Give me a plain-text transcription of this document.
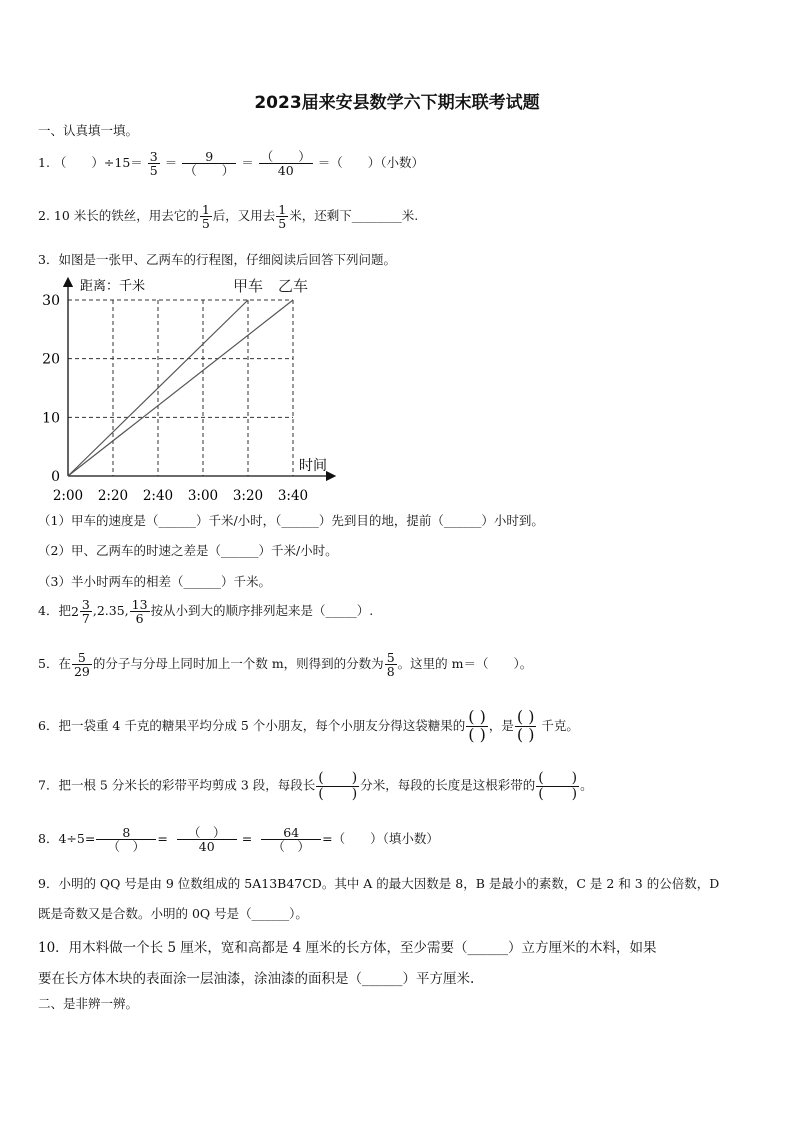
2023届来安县数学六下期末联考试题
一、认真填一填。
1. （　　）$\div 15= \frac{3}{5} = \frac{9}{( )} = \frac{( )}{40}$ ＝（　　）（小数）
2. 10 米长的铁丝，用去它的 $\frac{1}{5}$ 后，又用去 $\frac{1}{5}$ 米，还剩下________米.
3．如图是一张甲、乙两车的行程图，仔细阅读后回答下列问题。
0
10
20
30
2:00 2:20 2:40 3:00 3:20 3:40
甲车 乙车
距离：千米
时间
（1）甲车的速度是（______）千米/小时，（______）先到目的地，提前（______）小时到。
（2）甲、乙两车的时速之差是（______）千米/小时。
（3）半小时两车的相差（______）千米。
4．把$2 \frac{3}{7} ,2.35$, $\frac{13}{6}$ 按从小到大的顺序排列起来是（_____）.
5．在 $\frac{5}{29}$ 的分子与分母上同时加上一个数 m，则得到的分数为 $\frac{5}{8}$ 。这里的 m＝（　　）。
6．把一袋重 4 千克的糖果平均分成 5 个小朋友，每个小朋友分得这袋糖果的 $\frac{( )}{( )}$ ，是 $\frac{( )}{( )}$ 千克。
7．把一根 5 分米长的彩带平均剪成 3 段，每段长 $\frac{( )}{( )}$ 分米，每段的长度是这根彩带的 $\frac{( )}{( )}$ 。
8．$4\div 5= \frac{8}{( )} = \frac{( )}{40} = \frac{64}{( )}$ =（　　）（填小数）
9．小明的 QQ 号是由 9 位数组成的 5A13B47CD。其中 A 的最大因数是 8，B 是最小的素数，C 是 2 和 3 的公倍数，D
既是奇数又是合数。小明的 0Q 号是（______）。
10．用木料做一个长 5 厘米，宽和高都是 4 厘米的长方体，至少需要（______）立方厘米的木料，如果
要在长方体木块的表面涂一层油漆，涂油漆的面积是（______）平方厘米.
二、是非辨一辨。
